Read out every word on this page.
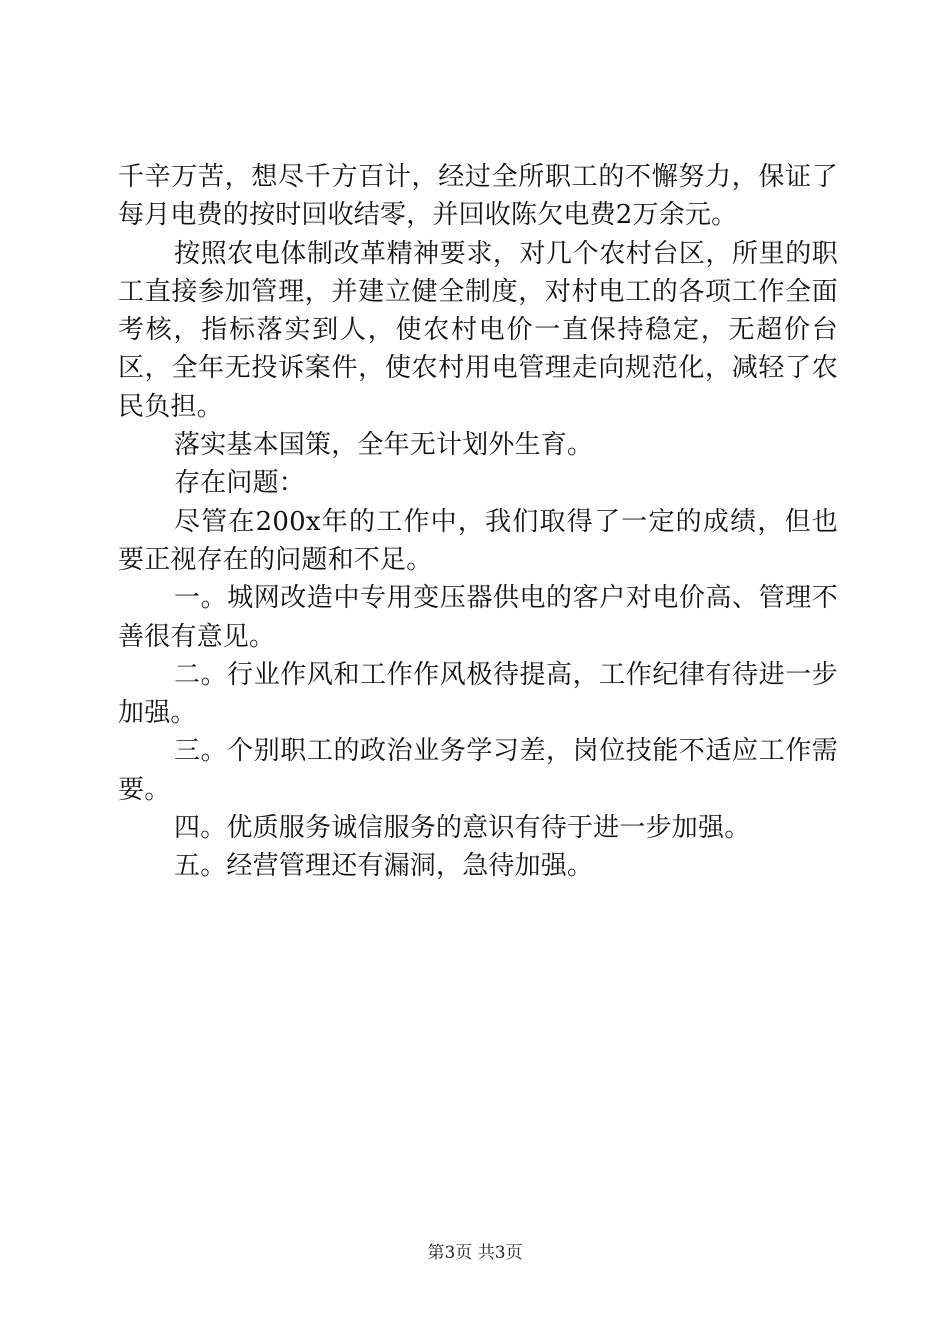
千辛万苦，想尽千方百计，经过全所职工的不懈努力，保证了每月电费的按时回收结零，并回收陈欠电费2万余元。

按照农电体制改革精神要求，对几个农村台区，所里的职工直接参加管理，并建立健全制度，对村电工的各项工作全面考核，指标落实到人，使农村电价一直保持稳定，无超价台区，全年无投诉案件，使农村用电管理走向规范化，减轻了农民负担。

落实基本国策，全年无计划外生育。

存在问题：

尽管在200x年的工作中，我们取得了一定的成绩，但也要正视存在的问题和不足。

一。城网改造中专用变压器供电的客户对电价高、管理不善很有意见。

二。行业作风和工作作风极待提高，工作纪律有待进一步加强。

三。个别职工的政治业务学习差，岗位技能不适应工作需要。

四。优质服务诚信服务的意识有待于进一步加强。

五。经营管理还有漏洞，急待加强。

第3页 共3页
